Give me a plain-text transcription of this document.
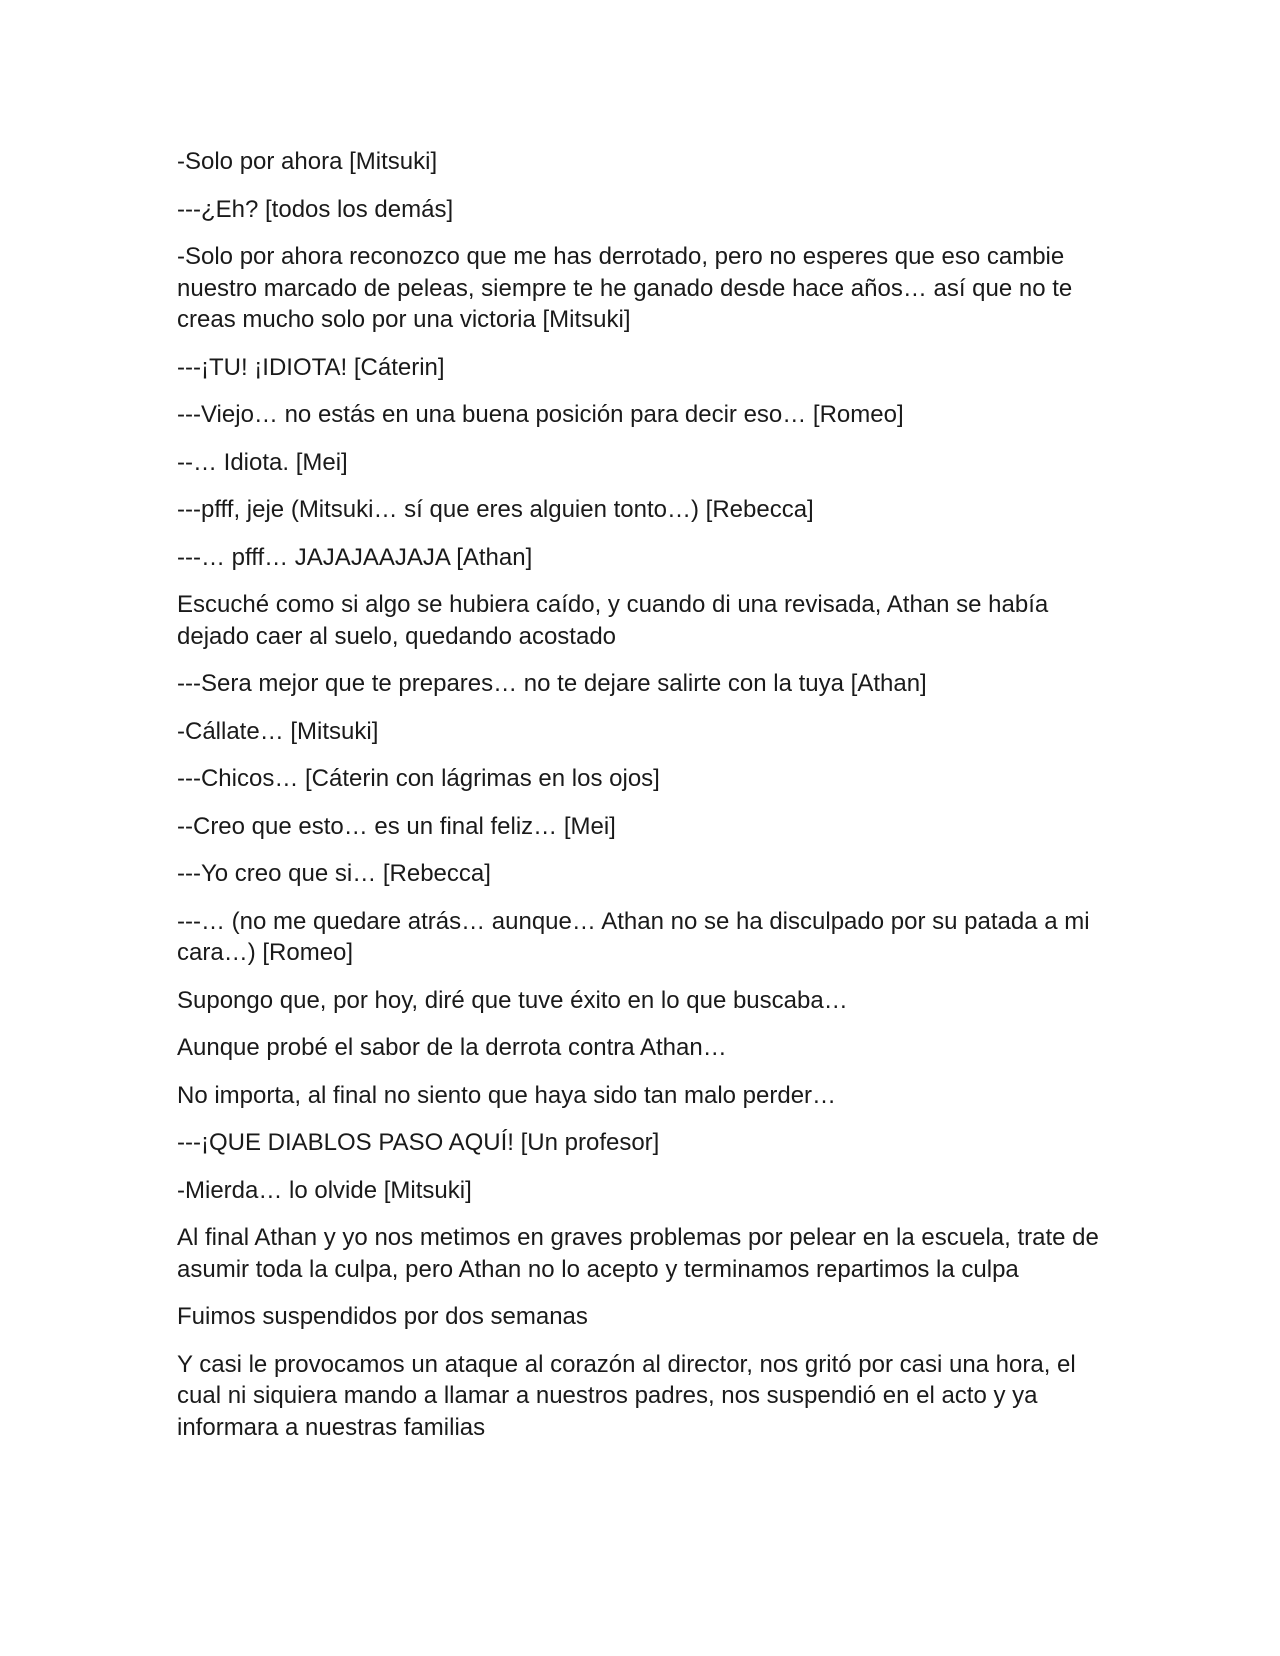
-Solo por ahora [Mitsuki]

---¿Eh? [todos los demás]

-Solo por ahora reconozco que me has derrotado, pero no esperes que eso cambie nuestro marcado de peleas, siempre te he ganado desde hace años… así que no te creas mucho solo por una victoria [Mitsuki]

---¡TU! ¡IDIOTA! [Cáterin]

---Viejo… no estás en una buena posición para decir eso… [Romeo]

--… Idiota. [Mei]

---pfff, jeje (Mitsuki… sí que eres alguien tonto…) [Rebecca]

---… pfff… JAJAJAAJAJA [Athan]

Escuché como si algo se hubiera caído, y cuando di una revisada, Athan se había dejado caer al suelo, quedando acostado

---Sera mejor que te prepares… no te dejare salirte con la tuya [Athan]

-Cállate… [Mitsuki]

---Chicos… [Cáterin con lágrimas en los ojos]

--Creo que esto… es un final feliz… [Mei]

---Yo creo que si… [Rebecca]

---… (no me quedare atrás… aunque… Athan no se ha disculpado por su patada a mi cara…) [Romeo]

Supongo que, por hoy, diré que tuve éxito en lo que buscaba…

Aunque probé el sabor de la derrota contra Athan…

No importa, al final no siento que haya sido tan malo perder…

---¡QUE DIABLOS PASO AQUÍ! [Un profesor]

-Mierda… lo olvide [Mitsuki]

Al final Athan y yo nos metimos en graves problemas por pelear en la escuela, trate de asumir toda la culpa, pero Athan no lo acepto y terminamos repartimos la culpa

Fuimos suspendidos por dos semanas

Y casi le provocamos un ataque al corazón al director, nos gritó por casi una hora, el cual ni siquiera mando a llamar a nuestros padres, nos suspendió en el acto y ya informara a nuestras familias
